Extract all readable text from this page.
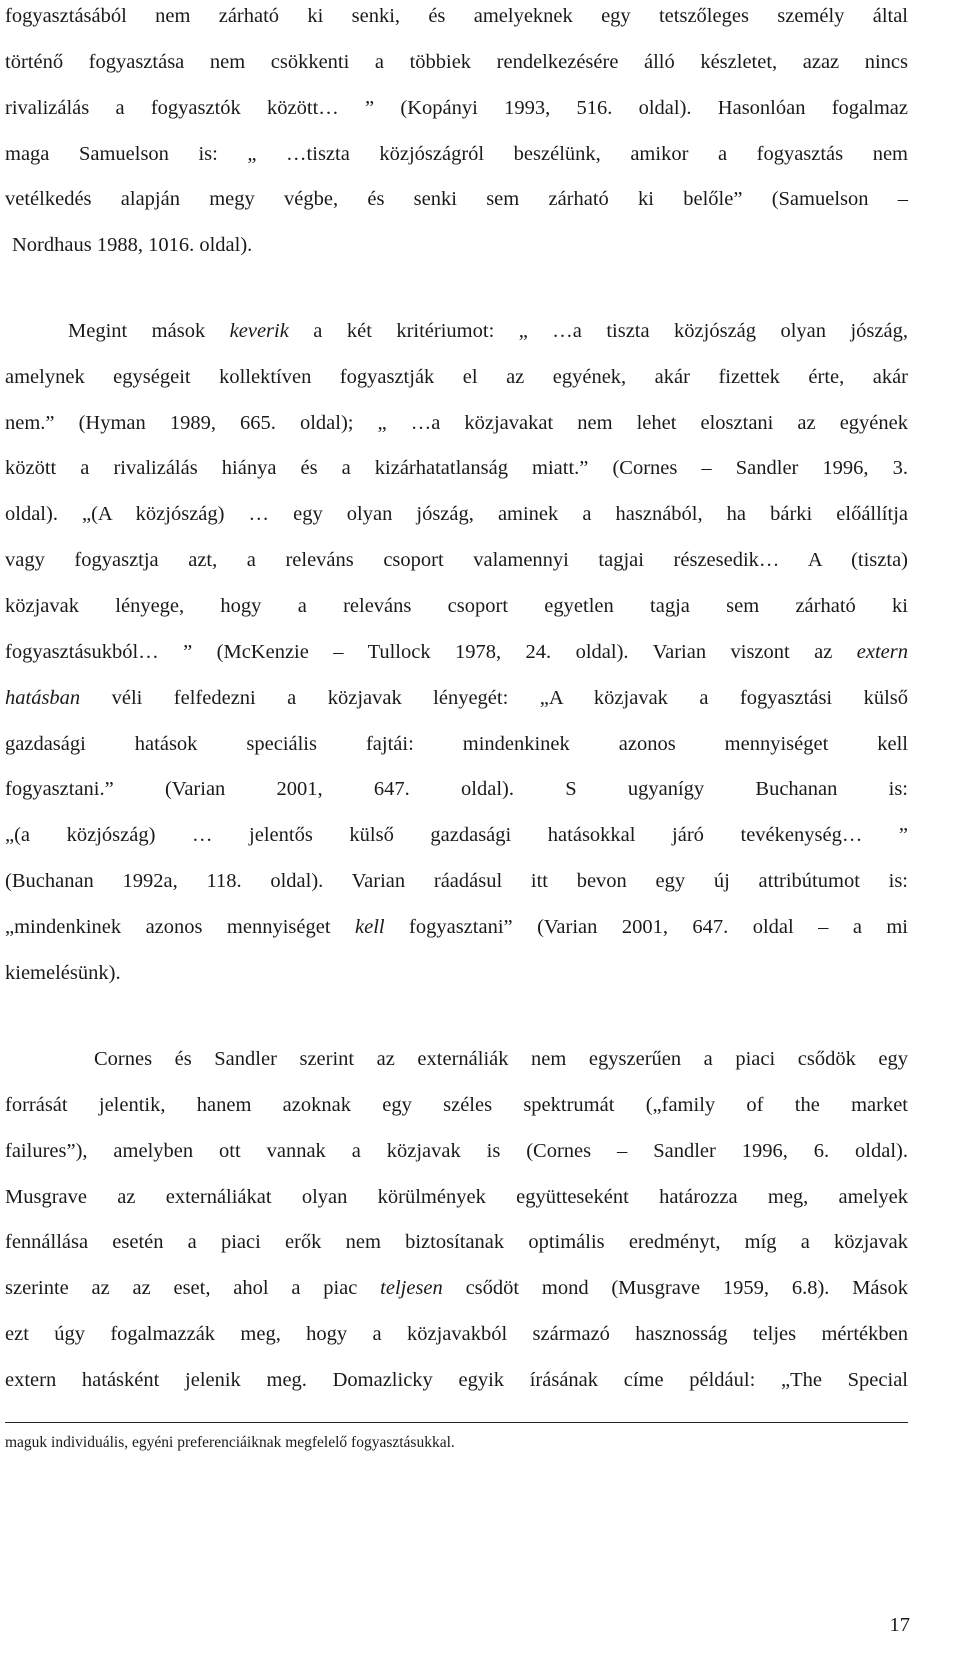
fogyasztásából nem zárható ki senki, és amelyeknek egy tetszőleges személy által
történő fogyasztása nem csökkenti a többiek rendelkezésére álló készletet, azaz nincs
rivalizálás a fogyasztók között… ” (Kopányi 1993, 516. oldal). Hasonlóan fogalmaz
maga Samuelson is: „ …tiszta közjószágról beszélünk, amikor a fogyasztás nem
vetélkedés alapján megy végbe, és senki sem zárható ki belőle” (Samuelson –
Nordhaus 1988, 1016. oldal).
Megint mások keverik a két kritériumot: „ …a tiszta közjószág olyan jószág,
amelynek egységeit kollektíven fogyasztják el az egyének, akár fizettek érte, akár
nem.” (Hyman 1989, 665. oldal); „ …a közjavakat nem lehet elosztani az egyének
között a rivalizálás hiánya és a kizárhatatlanság miatt.” (Cornes – Sandler 1996, 3.
oldal). „(A közjószág) … egy olyan jószág, aminek a hasznából, ha bárki előállítja
vagy fogyasztja azt, a releváns csoport valamennyi tagjai részesedik… A (tiszta)
közjavak lényege, hogy a releváns csoport egyetlen tagja sem zárható ki
fogyasztásukból… ” (McKenzie – Tullock 1978, 24. oldal). Varian viszont az extern
hatásban véli felfedezni a közjavak lényegét: „A közjavak a fogyasztási külső
gazdasági hatások speciális fajtái: mindenkinek azonos mennyiséget kell
fogyasztani.” (Varian 2001, 647. oldal). S ugyanígy Buchanan is:
„(a közjószág) … jelentős külső gazdasági hatásokkal járó tevékenység… ”
(Buchanan 1992a, 118. oldal). Varian ráadásul itt bevon egy új attribútumot is:
„mindenkinek azonos mennyiséget kell fogyasztani” (Varian 2001, 647. oldal – a mi
kiemelésünk).
Cornes és Sandler szerint az externáliák nem egyszerűen a piaci csődök egy
forrását jelentik, hanem azoknak egy széles spektrumát („family of the market
failures”), amelyben ott vannak a közjavak is (Cornes – Sandler 1996, 6. oldal).
Musgrave az externáliákat olyan körülmények együtteseként határozza meg, amelyek
fennállása esetén a piaci erők nem biztosítanak optimális eredményt, míg a közjavak
szerinte az az eset, ahol a piac teljesen csődöt mond (Musgrave 1959, 6.8). Mások
ezt úgy fogalmazzák meg, hogy a közjavakból származó hasznosság teljes mértékben
extern hatásként jelenik meg. Domazlicky egyik írásának címe például: „The Special
maguk individuális, egyéni preferenciáiknak megfelelő fogyasztásukkal.
17
